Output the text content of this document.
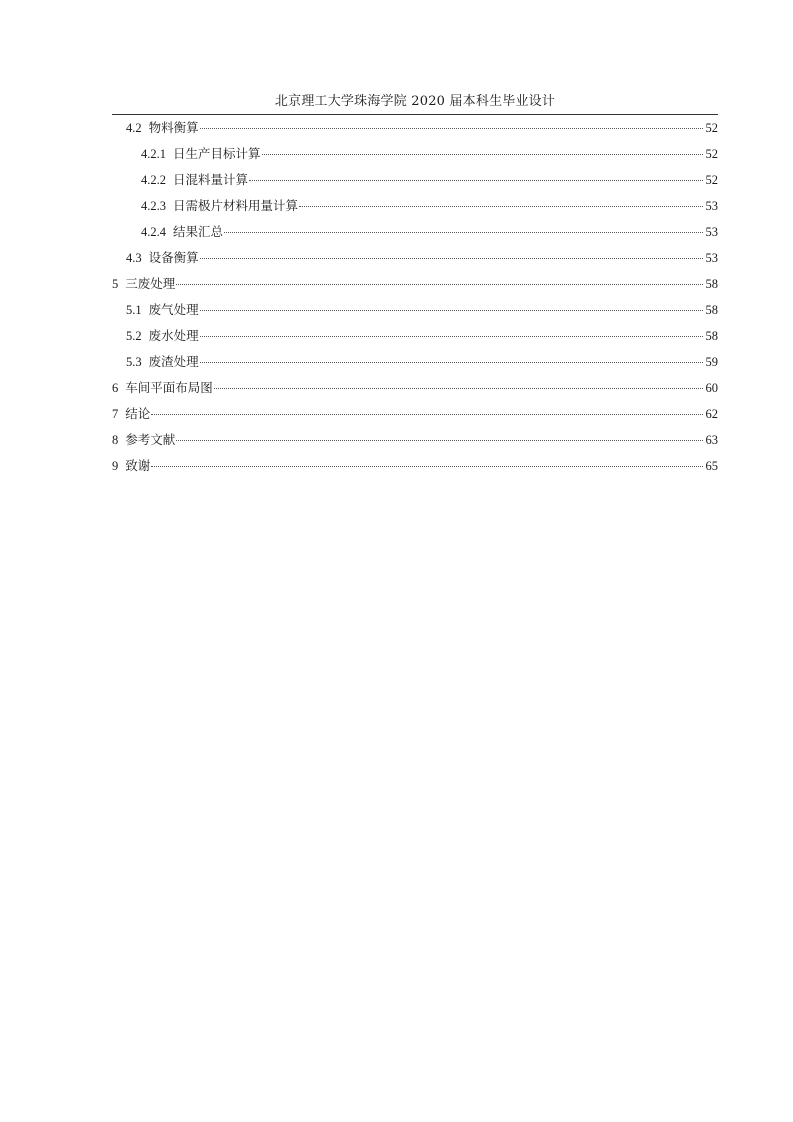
北京理工大学珠海学院 2020 届本科生毕业设计
4.2 物料衡算	52
4.2.1 日生产目标计算	52
4.2.2 日混料量计算	52
4.2.3 日需极片材料用量计算	53
4.2.4 结果汇总	53
4.3 设备衡算	53
5 三废处理	58
5.1 废气处理	58
5.2 废水处理	58
5.3 废渣处理	59
6 车间平面布局图	60
7 结论	62
8 参考文献	63
9 致谢	65
